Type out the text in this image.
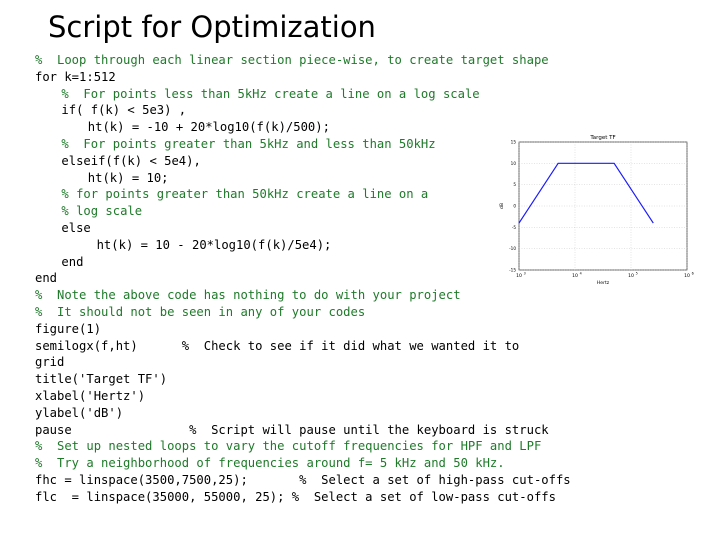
Script for Optimization
%  Loop through each linear section piece-wise, to create target shape
for k=1:512
%  For points less than 5kHz create a line on a log scale
if( f(k) < 5e3) ,
ht(k) = -10 + 20*log10(f(k)/500);
%  For points greater than 5kHz and less than 50kHz
elseif(f(k) < 5e4),
ht(k) = 10;
% for points greater than 50kHz create a line on a
% log scale
else
ht(k) = 10 - 20*log10(f(k)/5e4);
end
end
%  Note the above code has nothing to do with your project
%  It should not be seen in any of your codes
figure(1)
semilogx(f,ht)      %  Check to see if it did what we wanted it to
grid
title('Target TF')
xlabel('Hertz')
ylabel('dB')
pause                %  Script will pause until the keyboard is struck
%  Set up nested loops to vary the cutoff frequencies for HPF and LPF
%  Try a neighborhood of frequencies around f= 5 kHz and 50 kHz.
fhc = linspace(3500,7500,25);       %  Select a set of high-pass cut-offs
flc  = linspace(35000, 55000, 25); %  Select a set of low-pass cut-offs
Target TF
10
3
10
4
10
5
10
6
15
10
5
0
-5
-10
-15
Hertz
dB
